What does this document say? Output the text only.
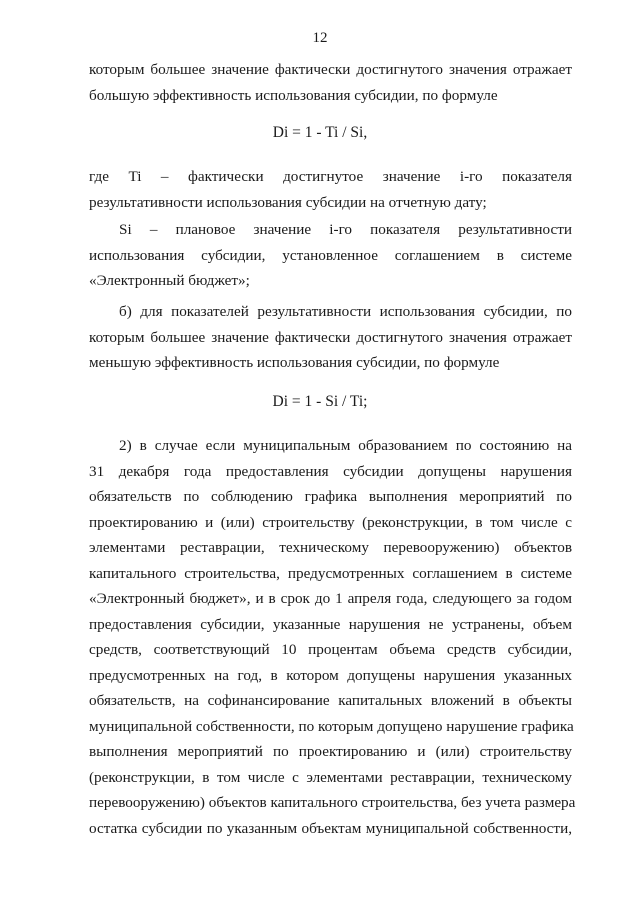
12
которым большее значение фактически достигнутого значения отражает
большую эффективность использования субсидии, по формуле
Di = 1 - Ti / Si,
где Ti – фактически достигнутое значение i-го показателя
результативности использования субсидии на отчетную дату;
Si – плановое значение i-го показателя результативности
использования субсидии, установленное соглашением в системе
«Электронный бюджет»;
б) для показателей результативности использования субсидии, по
которым большее значение фактически достигнутого значения отражает
меньшую эффективность использования субсидии, по формуле
Di = 1 - Si / Ti;
2) в случае если муниципальным образованием по состоянию на
31 декабря года предоставления субсидии допущены нарушения
обязательств по соблюдению графика выполнения мероприятий по
проектированию и (или) строительству (реконструкции, в том числе с
элементами реставрации, техническому перевооружению) объектов
капитального строительства, предусмотренных соглашением в системе
«Электронный бюджет», и в срок до 1 апреля года, следующего за годом
предоставления субсидии, указанные нарушения не устранены, объем
средств, соответствующий 10 процентам объема средств субсидии,
предусмотренных на год, в котором допущены нарушения указанных
обязательств, на софинансирование капитальных вложений в объекты
муниципальной собственности, по которым допущено нарушение графика
выполнения мероприятий по проектированию и (или) строительству
(реконструкции, в том числе с элементами реставрации, техническому
перевооружению) объектов капитального строительства, без учета размера
остатка субсидии по указанным объектам муниципальной собственности,
